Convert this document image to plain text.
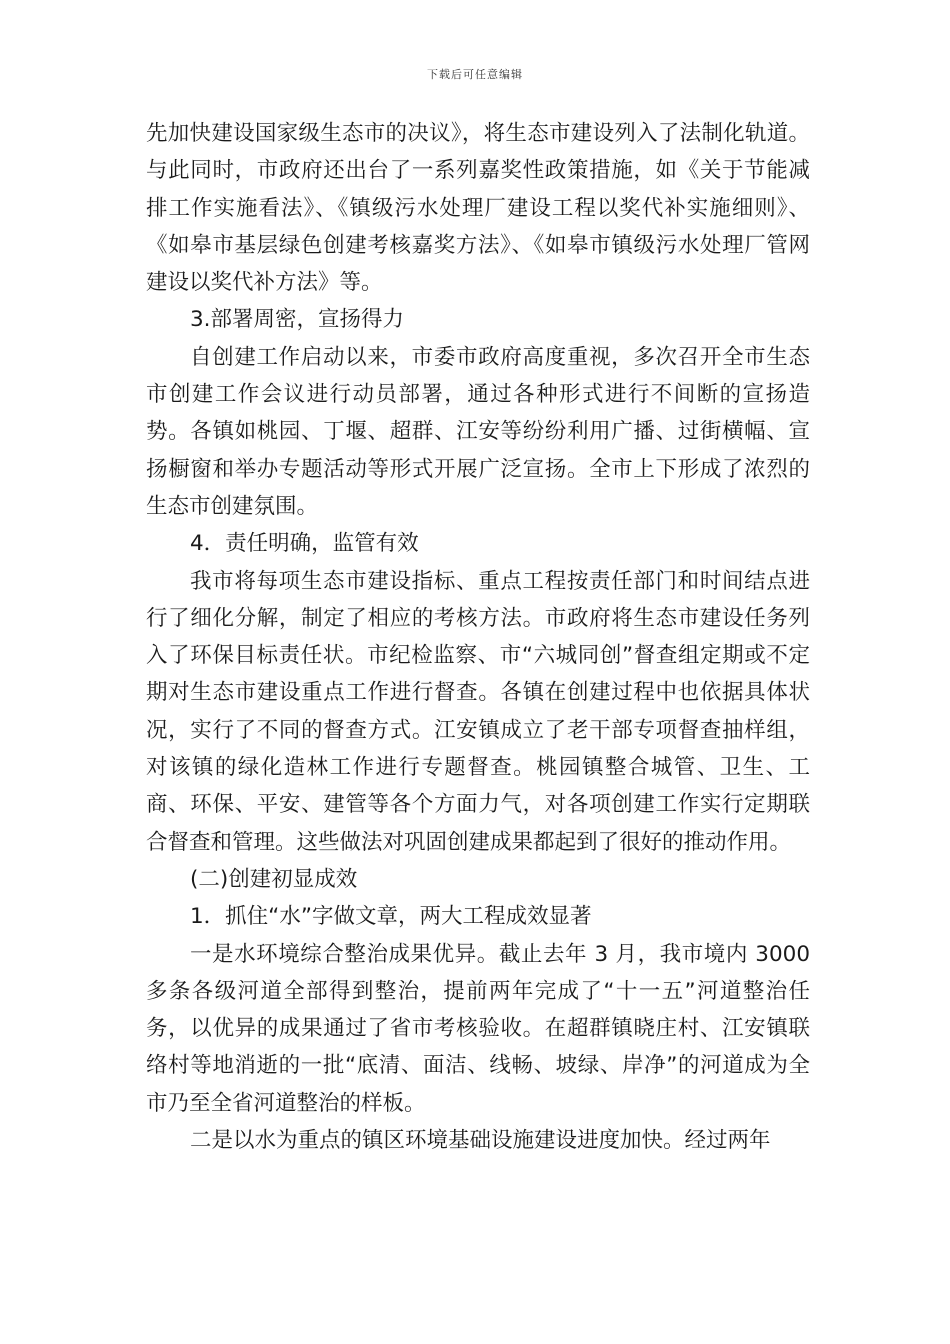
下载后可任意编辑

先加快建设国家级生态市的决议》，将生态市建设列入了法制化轨道。与此同时，市政府还出台了一系列嘉奖性政策措施，如《关于节能减排工作实施看法》、《镇级污水处理厂建设工程以奖代补实施细则》、《如皋市基层绿色创建考核嘉奖方法》、《如皋市镇级污水处理厂管网建设以奖代补方法》等。

3.部署周密，宣扬得力

自创建工作启动以来，市委市政府高度重视，多次召开全市生态市创建工作会议进行动员部署，通过各种形式进行不间断的宣扬造势。各镇如桃园、丁堰、超群、江安等纷纷利用广播、过街横幅、宣扬橱窗和举办专题活动等形式开展广泛宣扬。全市上下形成了浓烈的生态市创建氛围。

4．责任明确，监管有效

我市将每项生态市建设指标、重点工程按责任部门和时间结点进行了细化分解，制定了相应的考核方法。市政府将生态市建设任务列入了环保目标责任状。市纪检监察、市“六城同创”督查组定期或不定期对生态市建设重点工作进行督查。各镇在创建过程中也依据具体状况，实行了不同的督查方式。江安镇成立了老干部专项督查抽样组，对该镇的绿化造林工作进行专题督查。桃园镇整合城管、卫生、工商、环保、平安、建管等各个方面力气，对各项创建工作实行定期联合督查和管理。这些做法对巩固创建成果都起到了很好的推动作用。

(二)创建初显成效

1．抓住“水”字做文章，两大工程成效显著

一是水环境综合整治成果优异。截止去年 3 月，我市境内 3000 多条各级河道全部得到整治，提前两年完成了“十一五”河道整治任务，以优异的成果通过了省市考核验收。在超群镇晓庄村、江安镇联络村等地消逝的一批“底清、面洁、线畅、坡绿、岸净”的河道成为全市乃至全省河道整治的样板。

二是以水为重点的镇区环境基础设施建设进度加快。经过两年
